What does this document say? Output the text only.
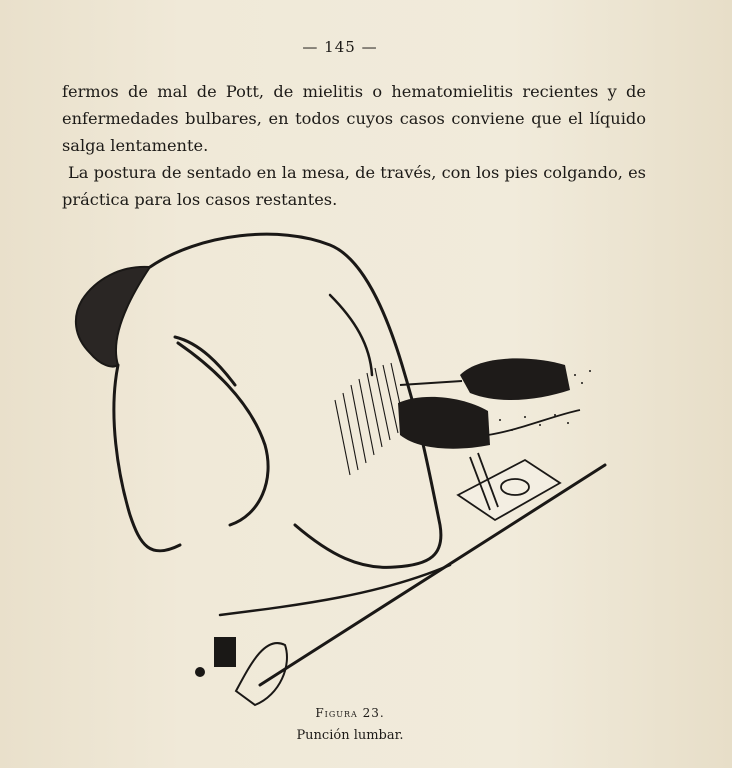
— 145 —

fermos de mal de Pott, de mielitis o hematomielitis recientes y de enfermedades bulbares, en todos cuyos casos conviene que el líquido salga lentamente.

La postura de sentado en la mesa, de través, con los pies colgando, es práctica para los casos restantes.

Figura 23.
Punción lumbar.
